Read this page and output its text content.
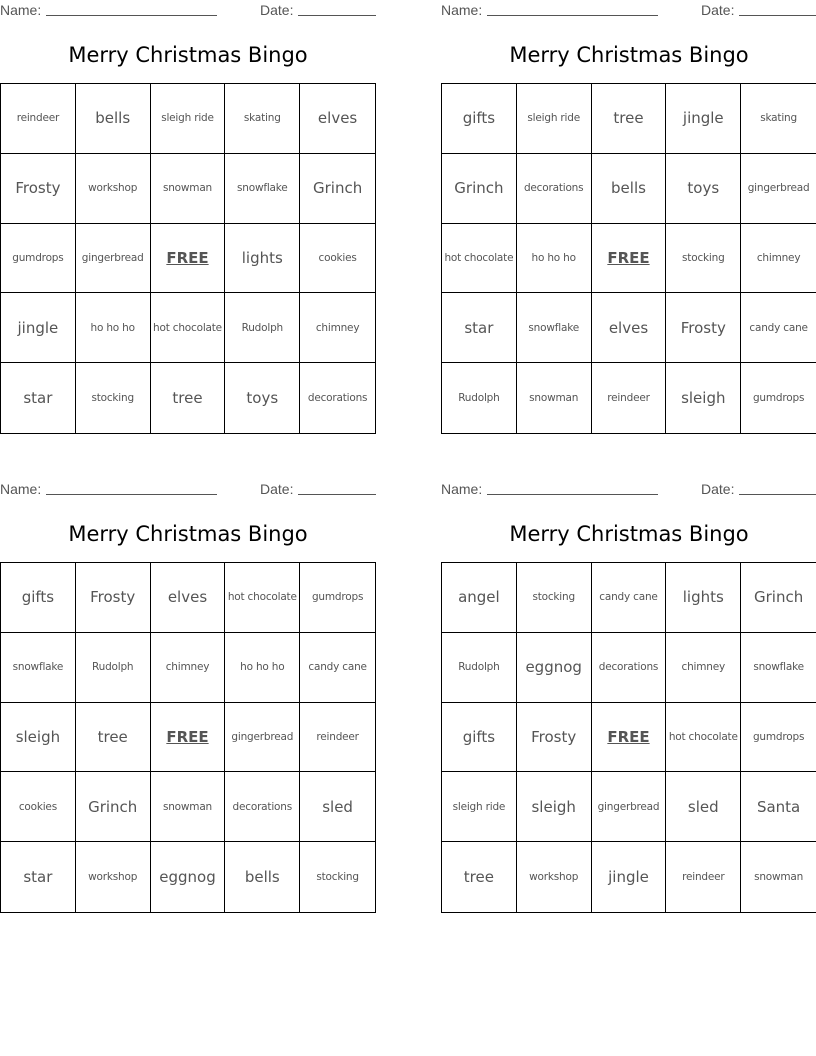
Name:	Date:
Merry Christmas Bingo
reindeer	bells	sleigh ride	skating	elves
Frosty	workshop	snowman	snowflake	Grinch
gumdrops	gingerbread	FREE	lights	cookies
jingle	ho ho ho	hot chocolate	Rudolph	chimney
star	stocking	tree	toys	decorations
Name:	Date:
Merry Christmas Bingo
gifts	sleigh ride	tree	jingle	skating
Grinch	decorations	bells	toys	gingerbread
hot chocolate	ho ho ho	FREE	stocking	chimney
star	snowflake	elves	Frosty	candy cane
Rudolph	snowman	reindeer	sleigh	gumdrops
Name:	Date:
Merry Christmas Bingo
gifts	Frosty	elves	hot chocolate	gumdrops
snowflake	Rudolph	chimney	ho ho ho	candy cane
sleigh	tree	FREE	gingerbread	reindeer
cookies	Grinch	snowman	decorations	sled
star	workshop	eggnog	bells	stocking
Name:	Date:
Merry Christmas Bingo
angel	stocking	candy cane	lights	Grinch
Rudolph	eggnog	decorations	chimney	snowflake
gifts	Frosty	FREE	hot chocolate	gumdrops
sleigh ride	sleigh	gingerbread	sled	Santa
tree	workshop	jingle	reindeer	snowman
